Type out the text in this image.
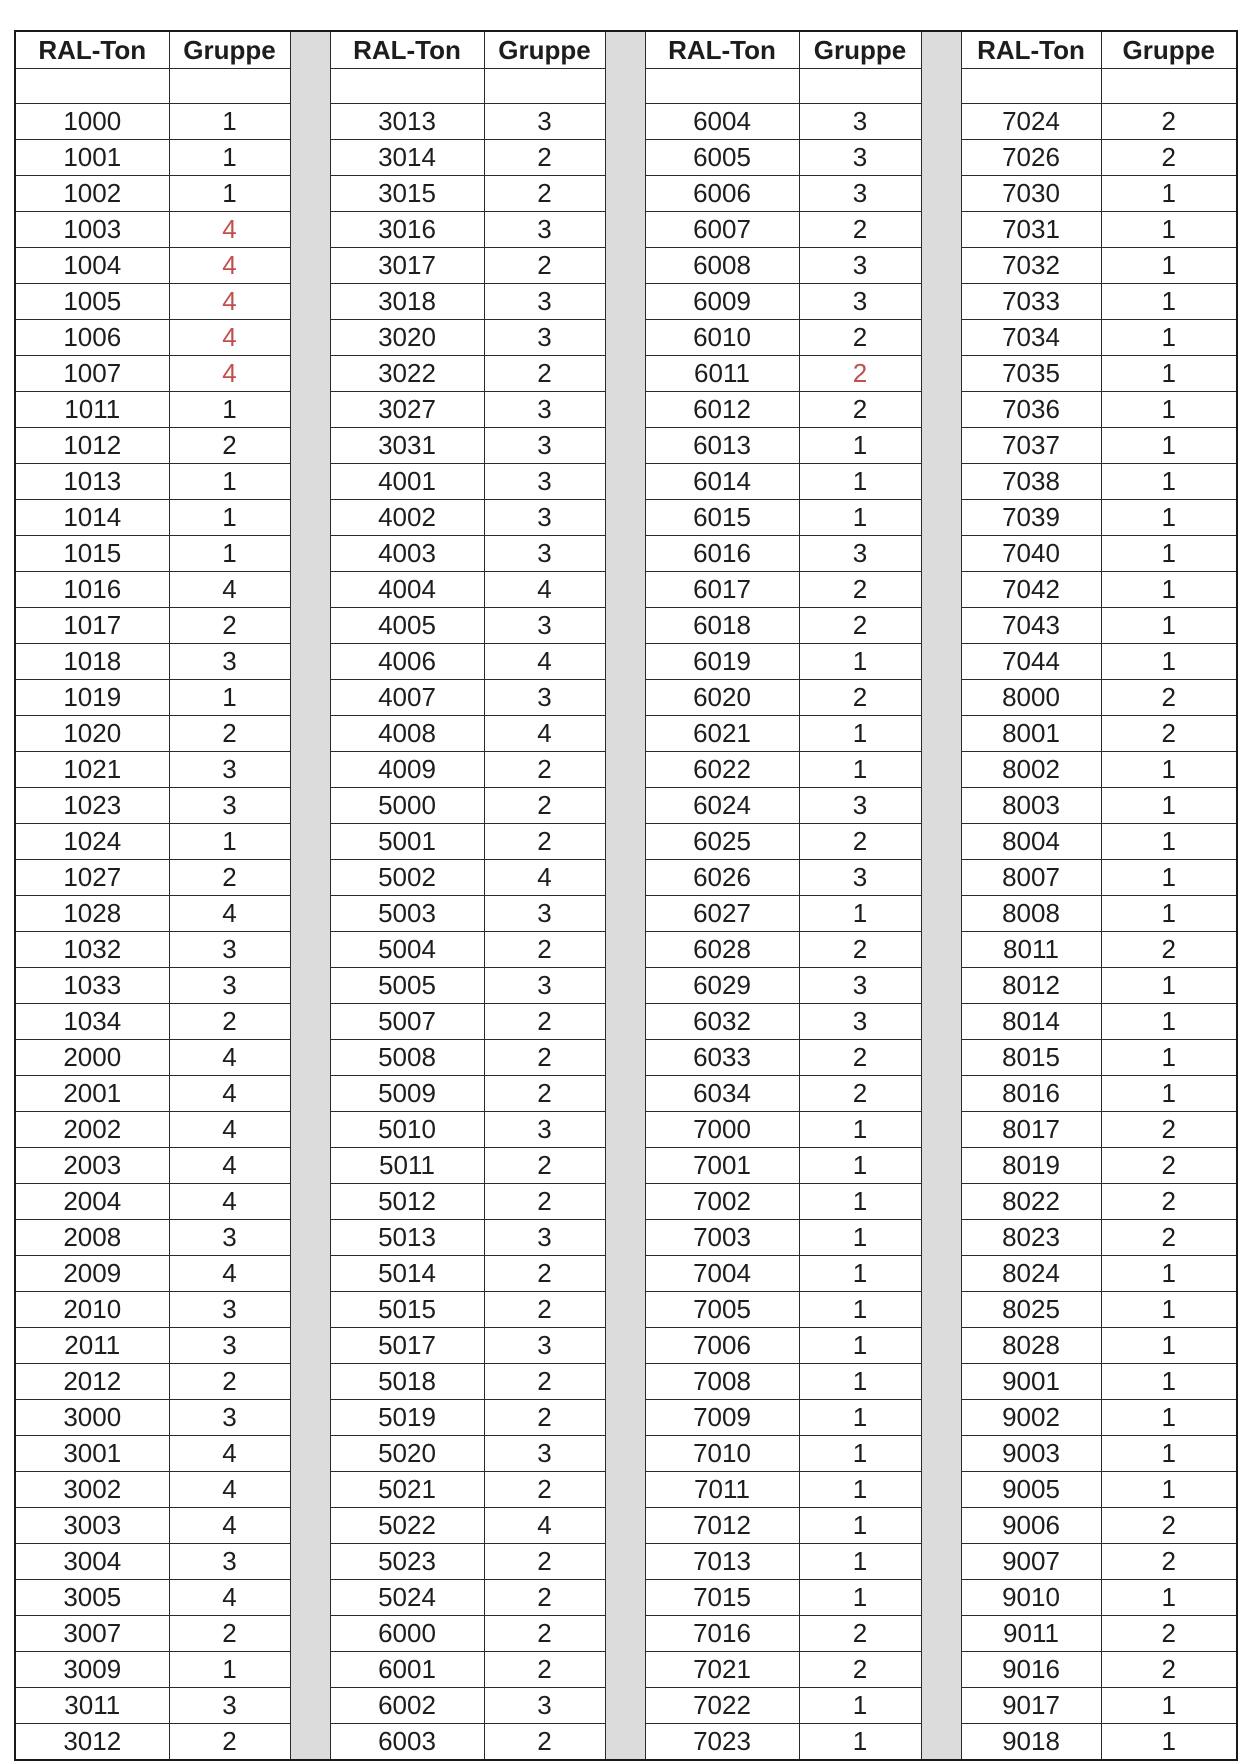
RAL-Ton	Gruppe		RAL-Ton	Gruppe		RAL-Ton	Gruppe		RAL-Ton	Gruppe

1000	1		3013	3		6004	3		7024	2
1001	1		3014	2		6005	3		7026	2
1002	1		3015	2		6006	3		7030	1
1003	4		3016	3		6007	2		7031	1
1004	4		3017	2		6008	3		7032	1
1005	4		3018	3		6009	3		7033	1
1006	4		3020	3		6010	2		7034	1
1007	4		3022	2		6011	2		7035	1
1011	1		3027	3		6012	2		7036	1
1012	2		3031	3		6013	1		7037	1
1013	1		4001	3		6014	1		7038	1
1014	1		4002	3		6015	1		7039	1
1015	1		4003	3		6016	3		7040	1
1016	4		4004	4		6017	2		7042	1
1017	2		4005	3		6018	2		7043	1
1018	3		4006	4		6019	1		7044	1
1019	1		4007	3		6020	2		8000	2
1020	2		4008	4		6021	1		8001	2
1021	3		4009	2		6022	1		8002	1
1023	3		5000	2		6024	3		8003	1
1024	1		5001	2		6025	2		8004	1
1027	2		5002	4		6026	3		8007	1
1028	4		5003	3		6027	1		8008	1
1032	3		5004	2		6028	2		8011	2
1033	3		5005	3		6029	3		8012	1
1034	2		5007	2		6032	3		8014	1
2000	4		5008	2		6033	2		8015	1
2001	4		5009	2		6034	2		8016	1
2002	4		5010	3		7000	1		8017	2
2003	4		5011	2		7001	1		8019	2
2004	4		5012	2		7002	1		8022	2
2008	3		5013	3		7003	1		8023	2
2009	4		5014	2		7004	1		8024	1
2010	3		5015	2		7005	1		8025	1
2011	3		5017	3		7006	1		8028	1
2012	2		5018	2		7008	1		9001	1
3000	3		5019	2		7009	1		9002	1
3001	4		5020	3		7010	1		9003	1
3002	4		5021	2		7011	1		9005	1
3003	4		5022	4		7012	1		9006	2
3004	3		5023	2		7013	1		9007	2
3005	4		5024	2		7015	1		9010	1
3007	2		6000	2		7016	2		9011	2
3009	1		6001	2		7021	2		9016	2
3011	3		6002	3		7022	1		9017	1
3012	2		6003	2		7023	1		9018	1
